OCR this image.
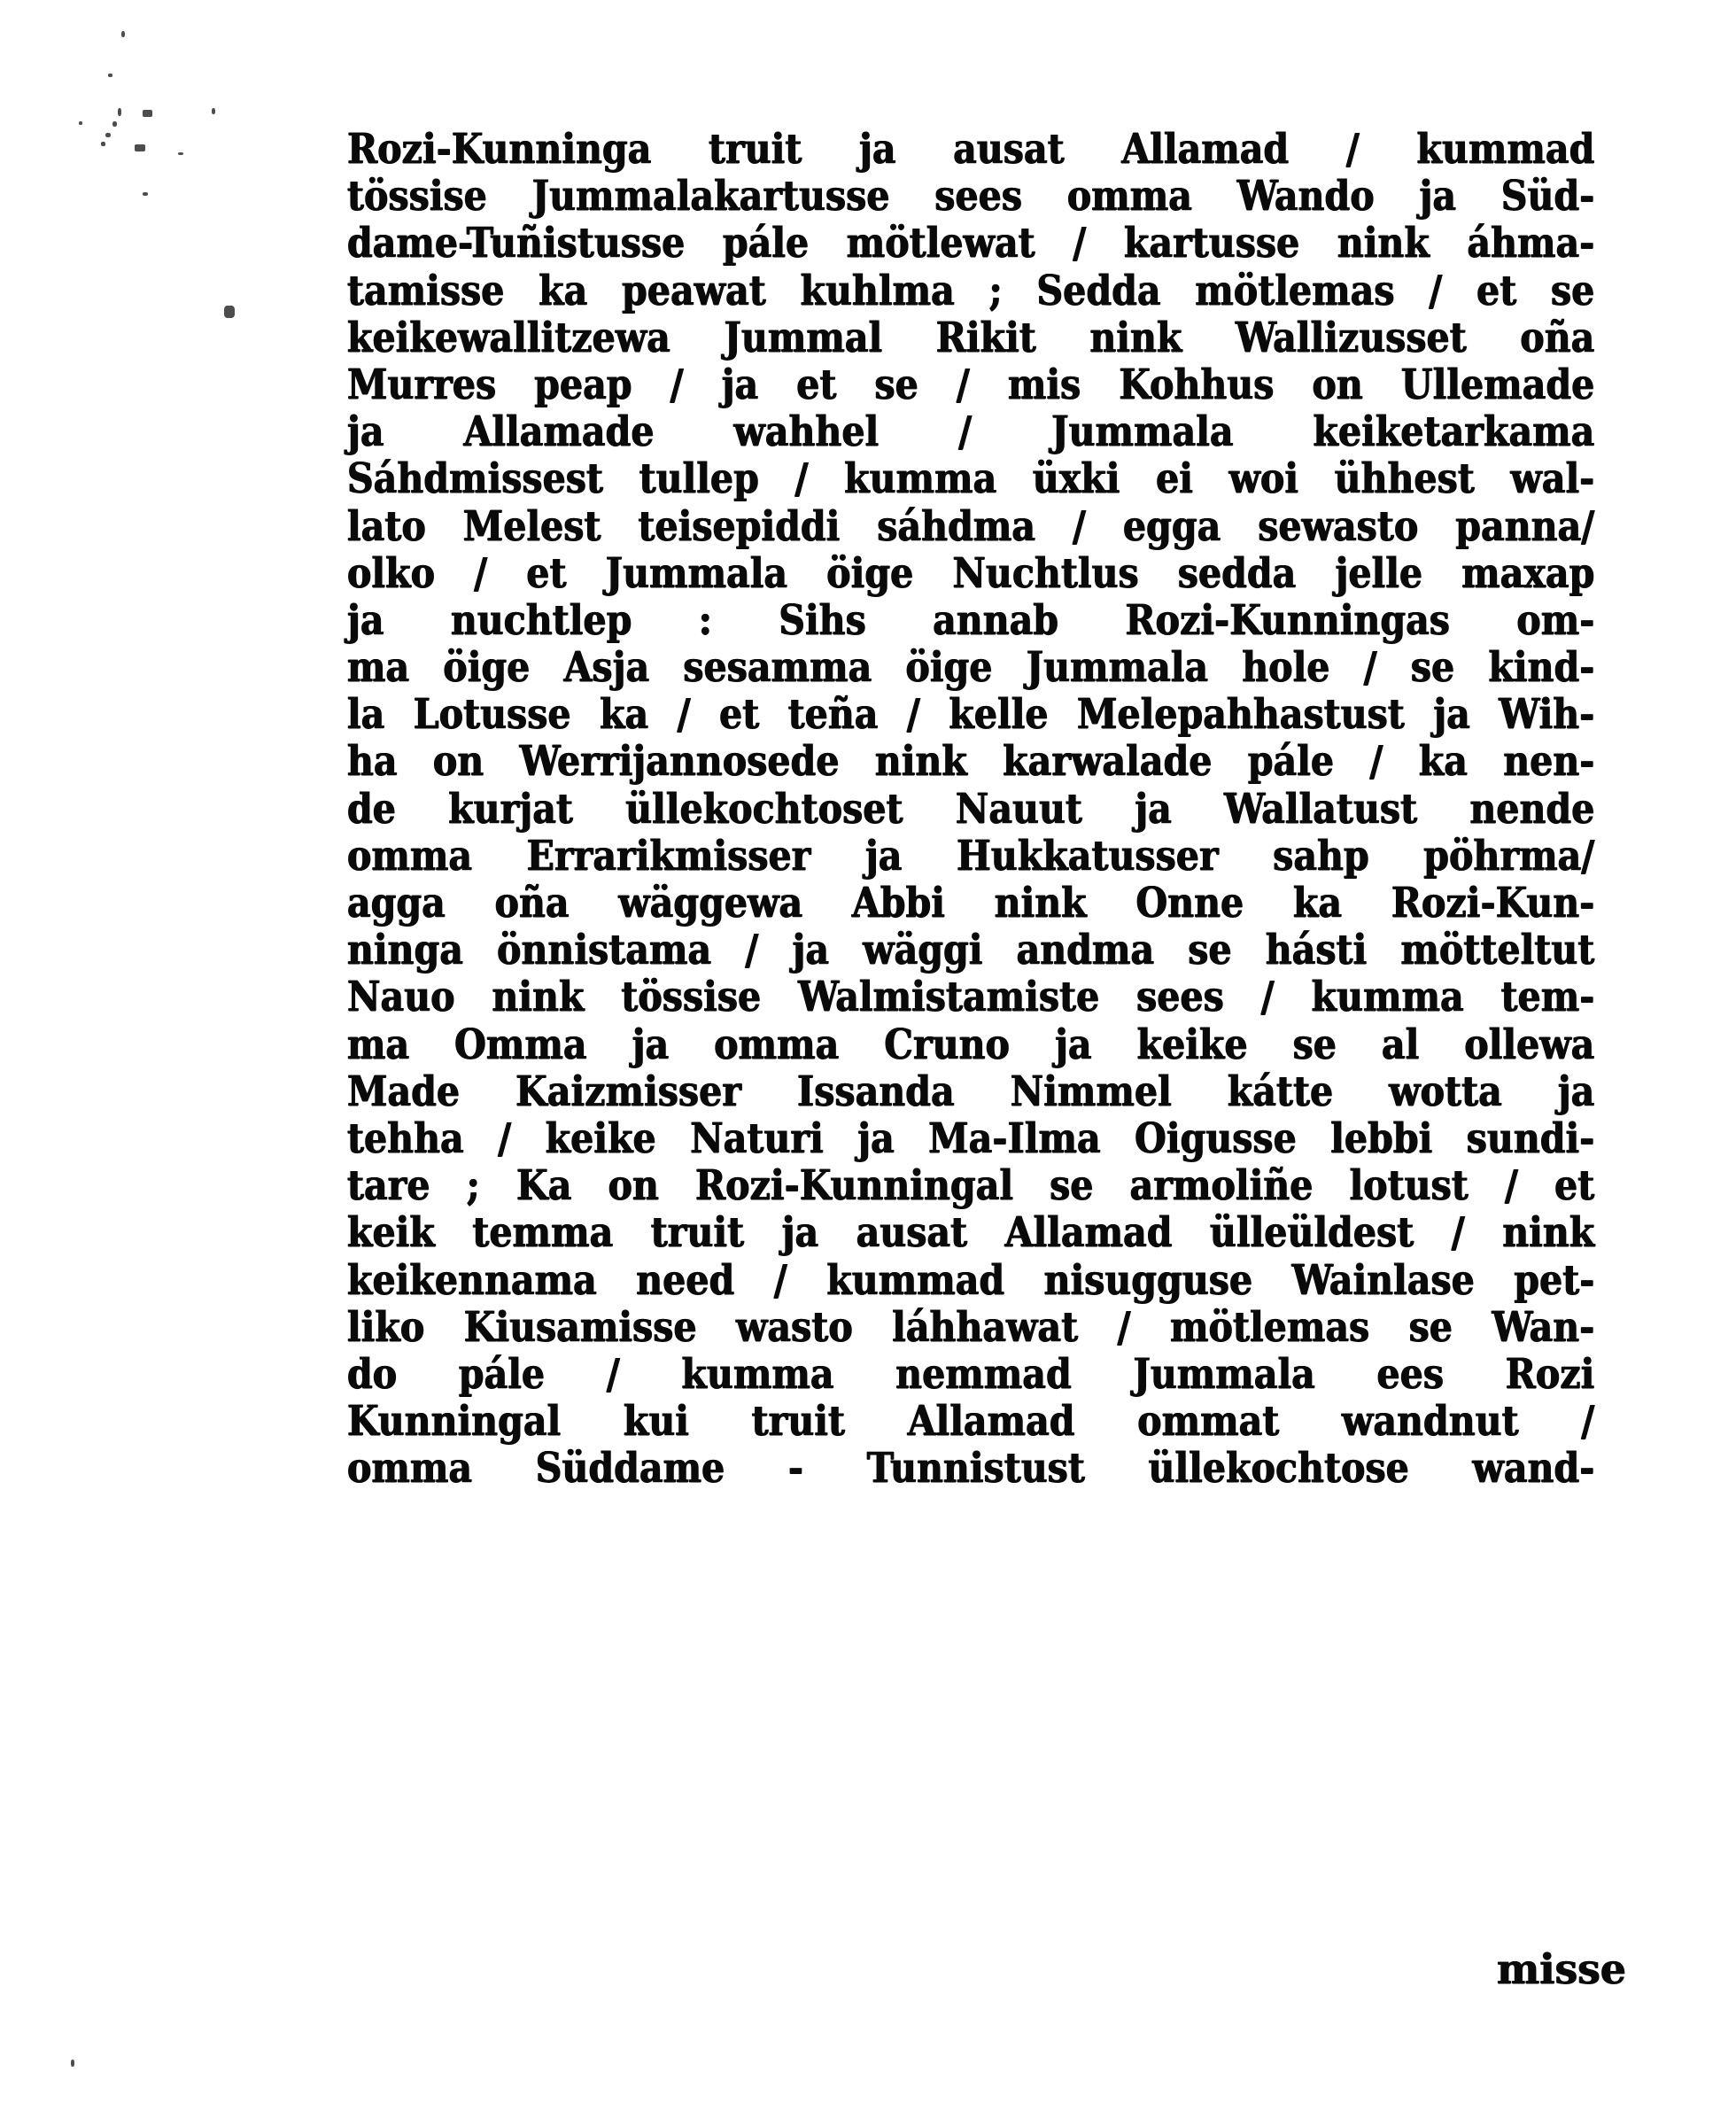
Rozi-Kunninga truit ja ausat Allamad / kummad
tössise Jummalakartusse sees omma Wando ja Süd-
dame-Tuñistusse pále mötlewat / kartusse nink áhma-
tamisse ka peawat kuhlma ; Sedda mötlemas / et se
keikewallitzewa Jummal Rikit nink Wallizusset oña
Murres peap / ja et se / mis Kohhus on Ullemade
ja Allamade wahhel / Jummala keiketarkama
Sáhdmissest tullep / kumma üxki ei woi ühhest wal-
lato Melest teisepiddi sáhdma / egga sewasto panna/
olko / et Jummala öige Nuchtlus sedda jelle maxap
ja nuchtlep : Sihs annab Rozi-Kunningas om-
ma öige Asja sesamma öige Jummala hole / se kind-
la Lotusse ka / et teña / kelle Melepahhastust ja Wih-
ha on Werrijannosede nink karwalade pále / ka nen-
de kurjat üllekochtoset Nauut ja Wallatust nende
omma Errarikmisser ja Hukkatusser sahp pöhrma/
agga oña wäggewa Abbi nink Onne ka Rozi-Kun-
ninga önnistama / ja wäggi andma se hásti mötteltut
Nauo nink tössise Walmistamiste sees / kumma tem-
ma Omma ja omma Cruno ja keike se al ollewa
Made Kaizmisser Issanda Nimmel kátte wotta ja
tehha / keike Naturi ja Ma-Ilma Oigusse lebbi sundi-
tare ; Ka on Rozi-Kunningal se armoliñe lotust / et
keik temma truit ja ausat Allamad ülleüldest / nink
keikennama need / kummad nisugguse Wainlase pet-
liko Kiusamisse wasto láhhawat / mötlemas se Wan-
do pále / kumma nemmad Jummala ees Rozi
Kunningal kui truit Allamad ommat wandnut /
omma Süddame - Tunnistust üllekochtose wand-
misse
